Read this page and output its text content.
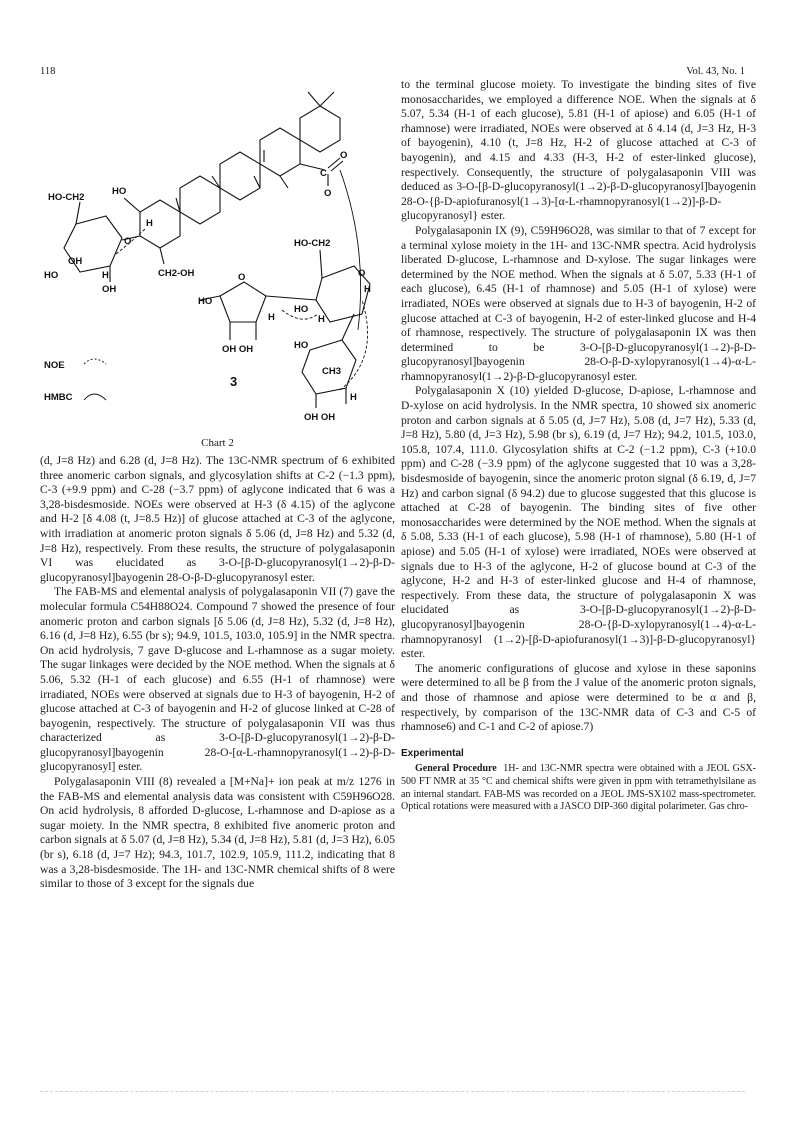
118	Vol. 43, No. 1
HO
HO-CH2
OH
HO	H
OH
CH2-OH
H
O
C
O
O
HO-CH2
O
O
H
HO
HO
H	H
OH OH	HO
CH3
H
OH OH
3
NOE
HMBC
Chart 2

(d, J=8 Hz) and 6.28 (d, J=8 Hz). The 13C-NMR spectrum of 6 exhibited three anomeric carbon signals, and glycosylation shifts at C-2 (−1.3 ppm), C-3 (+9.9 ppm) and C-28 (−3.7 ppm) of aglycone indicated that 6 was a 3,28-bisdesmoside. NOEs were observed at H-3 (δ 4.15) of the aglycone and H-2 [δ 4.08 (t, J=8.5 Hz)] of glucose attached at C-3 of the aglycone, with irradiation at anomeric proton signals δ 5.06 (d, J=8 Hz) and 5.32 (d, J=8 Hz), respectively. From these results, the structure of polygalasaponin VI was elucidated as 3-O-[β-D-glucopyranosyl(1→2)-β-D-glucopyranosyl]bayogenin 28-O-β-D-glucopyranosyl ester.

The FAB-MS and elemental analysis of polygalasaponin VII (7) gave the molecular formula C54H88O24. Compound 7 showed the presence of four anomeric proton and carbon signals [δ 5.06 (d, J=8 Hz), 5.32 (d, J=8 Hz), 6.16 (d, J=8 Hz), 6.55 (br s); 94.9, 101.5, 103.0, 105.9] in the NMR spectra. On acid hydrolysis, 7 gave D-glucose and L-rhamnose as a sugar moiety. The sugar linkages were decided by the NOE method. When the signals at δ 5.06, 5.32 (H-1 of each glucose) and 6.55 (H-1 of rhamnose) were irradiated, NOEs were observed at signals due to H-3 of bayogenin, H-2 of glucose attached at C-3 of bayogenin and H-2 of glucose linked at C-28 of bayogenin, respectively. The structure of polygalasaponin VII was thus characterized as 3-O-[β-D-glucopyranosyl(1→2)-β-D-glucopyranosyl]bayogenin 28-O-[α-L-rhamnopyranosyl(1→2)-β-D-glucopyranosyl] ester.

Polygalasaponin VIII (8) revealed a [M+Na]+ ion peak at m/z 1276 in the FAB-MS and elemental analysis data was consistent with C59H96O28. On acid hydrolysis, 8 afforded D-glucose, L-rhamnose and D-apiose as a sugar moiety. In the NMR spectra, 8 exhibited five anomeric proton and carbon signals at δ 5.07 (d, J=8 Hz), 5.34 (d, J=8 Hz), 5.81 (d, J=3 Hz), 6.05 (br s), 6.18 (d, J=7 Hz); 94.3, 101.7, 102.9, 105.9, 111.2, indicating that 8 was a 3,28-bisdesmoside. The 1H- and 13C-NMR chemical shifts of 8 were similar to those of 3 except for the signals due

to the terminal glucose moiety. To investigate the binding sites of five monosaccharides, we employed a difference NOE. When the signals at δ 5.07, 5.34 (H-1 of each glucose), 5.81 (H-1 of apiose) and 6.05 (H-1 of rhamnose) were irradiated, NOEs were observed at δ 4.14 (d, J=3 Hz, H-3 of bayogenin), 4.10 (t, J=8 Hz, H-2 of glucose attached at C-3 of bayogenin), and 4.15 and 4.33 (H-3, H-2 of ester-linked glucose), respectively. Consequently, the structure of polygalasaponin VIII was deduced as 3-O-[β-D-glucopyranosyl(1→2)-β-D-glucopyranosyl]bayogenin 28-O-{β-D-apiofuranosyl(1→3)-[α-L-rhamnopyranosyl(1→2)]-β-D-glucopyranosyl} ester.

Polygalasaponin IX (9), C59H96O28, was similar to that of 7 except for a terminal xylose moiety in the 1H- and 13C-NMR spectra. Acid hydrolysis liberated D-glucose, L-rhamnose and D-xylose. The sugar linkages were determined by the NOE method. When the signals at δ 5.07, 5.33 (H-1 of each glucose), 6.45 (H-1 of rhamnose) and 5.05 (H-1 of xylose) were irradiated, NOEs were observed at signals due to H-3 of bayogenin, H-2 of glucose attached at C-3 of bayogenin, H-2 of ester-linked glucose and H-4 of rhamnose, respectively. The structure of polygalasaponin IX was then determined to be 3-O-[β-D-glucopyranosyl(1→2)-β-D-glucopyranosyl]bayogenin 28-O-β-D-xylopyranosyl(1→4)-α-L-rhamnopyranosyl(1→2)-β-D-glucopyranosyl ester.

Polygalasaponin X (10) yielded D-glucose, D-apiose, L-rhamnose and D-xylose on acid hydrolysis. In the NMR spectra, 10 showed six anomeric proton and carbon signals at δ 5.05 (d, J=7 Hz), 5.08 (d, J=7 Hz), 5.33 (d, J=8 Hz), 5.80 (d, J=3 Hz), 5.98 (br s), 6.19 (d, J=7 Hz); 94.2, 101.5, 103.0, 105.8, 107.4, 111.0. Glycosylation shifts at C-2 (−1.2 ppm), C-3 (+10.0 ppm) and C-28 (−3.9 ppm) of the aglycone suggested that 10 was a 3,28-bisdesmoside of bayogenin, since the anomeric proton signal (δ 6.19, d, J=7 Hz) and carbon signal (δ 94.2) due to glucose suggested that this glucose is attached at C-28 of bayogenin. The binding sites of five other monosaccharides were determined by the NOE method. When the signals at δ 5.08, 5.33 (H-1 of each glucose), 5.98 (H-1 of rhamnose), 5.80 (H-1 of apiose) and 5.05 (H-1 of xylose) were irradiated, NOEs were observed at signals due to H-3 of the aglycone, H-2 of glucose bound at C-3 of the aglycone, H-2 and H-3 of ester-linked glucose and H-4 of rhamnose, respectively. From these data, the structure of polygalasaponin X was elucidated as 3-O-[β-D-glucopyranosyl(1→2)-β-D-glucopyranosyl]bayogenin 28-O-{β-D-xylopyranosyl(1→4)-α-L-rhamnopyranosyl (1→2)-[β-D-apiofuranosyl(1→3)]-β-D-glucopyranosyl} ester.

The anomeric configurations of glucose and xylose in these saponins were determined to all be β from the J value of the anomeric proton signals, and those of rhamnose and apiose were determined to be α and β, respectively, by comparison of the 13C-NMR data of C-3 and C-5 of rhamnose6) and C-1 and C-2 of apiose.7)

Experimental

General Procedure 1H- and 13C-NMR spectra were obtained with a JEOL GSX-500 FT NMR at 35 °C and chemical shifts were given in ppm with tetramethylsilane as an internal standart. FAB-MS was recorded on a JEOL JMS-SX102 mass-spectrometer. Optical rotations were measured with a JASCO DIP-360 digital polarimeter. Gas chro-
